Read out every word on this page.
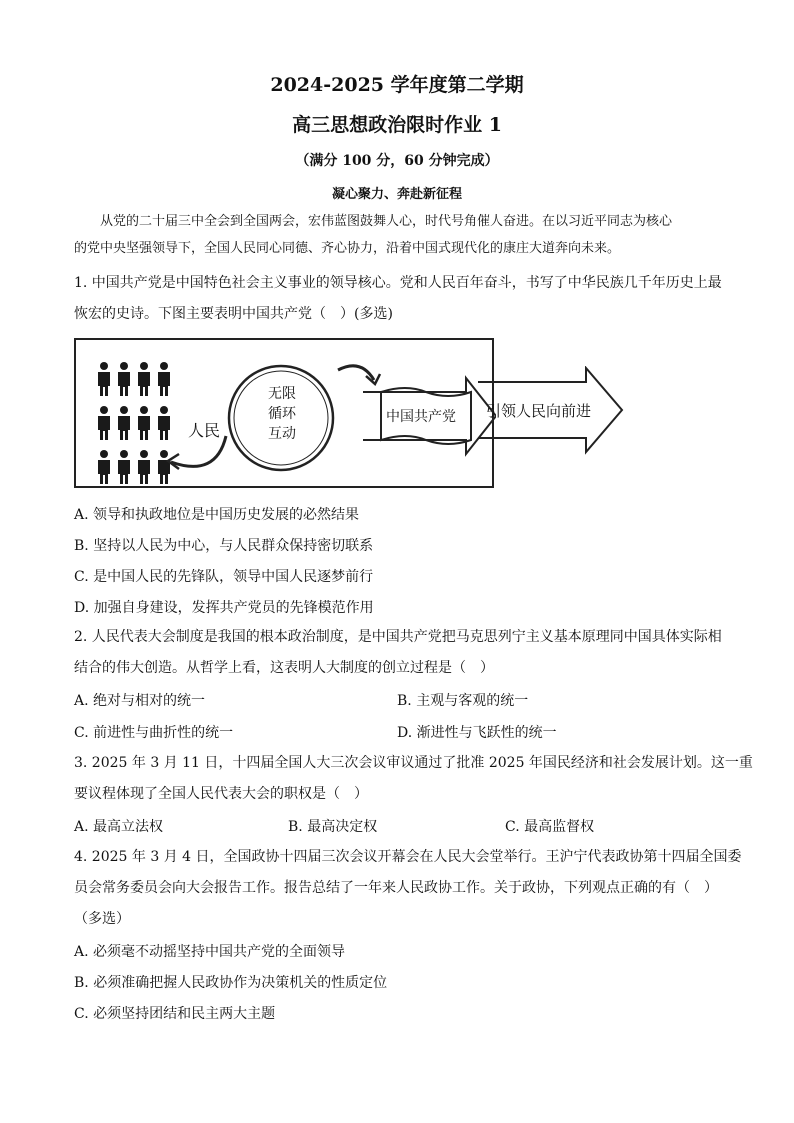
2024-2025 学年度第二学期
高三思想政治限时作业 1
（满分 100 分，60 分钟完成）
凝心聚力、奔赴新征程
从党的二十届三中全会到全国两会，宏伟蓝图鼓舞人心，时代号角催人奋进。在以习近平同志为核心
的党中央坚强领导下，全国人民同心同德、齐心协力，沿着中国式现代化的康庄大道奔向未来。
1. 中国共产党是中国特色社会主义事业的领导核心。党和人民百年奋斗，书写了中华民族几千年历史上最
恢宏的史诗。下图主要表明中国共产党（　）(多选)
人民
无限
循环
互动
中国共产党 引领人民向前进
A. 领导和执政地位是中国历史发展的必然结果
B. 坚持以人民为中心，与人民群众保持密切联系
C. 是中国人民的先锋队，领导中国人民逐梦前行
D. 加强自身建设，发挥共产党员的先锋模范作用
2. 人民代表大会制度是我国的根本政治制度，是中国共产党把马克思列宁主义基本原理同中国具体实际相
结合的伟大创造。从哲学上看，这表明人大制度的创立过程是（　）
A. 绝对与相对的统一	B. 主观与客观的统一
C. 前进性与曲折性的统一	D. 渐进性与飞跃性的统一
3. 2025 年 3 月 11 日，十四届全国人大三次会议审议通过了批准 2025 年国民经济和社会发展计划。这一重
要议程体现了全国人民代表大会的职权是（　）
A. 最高立法权	B. 最高决定权	C. 最高监督权
4. 2025 年 3 月 4 日，全国政协十四届三次会议开幕会在人民大会堂举行。王沪宁代表政协第十四届全国委
员会常务委员会向大会报告工作。报告总结了一年来人民政协工作。关于政协，下列观点正确的有（　）
（多选）
A. 必须毫不动摇坚持中国共产党的全面领导
B. 必须准确把握人民政协作为决策机关的性质定位
C. 必须坚持团结和民主两大主题
